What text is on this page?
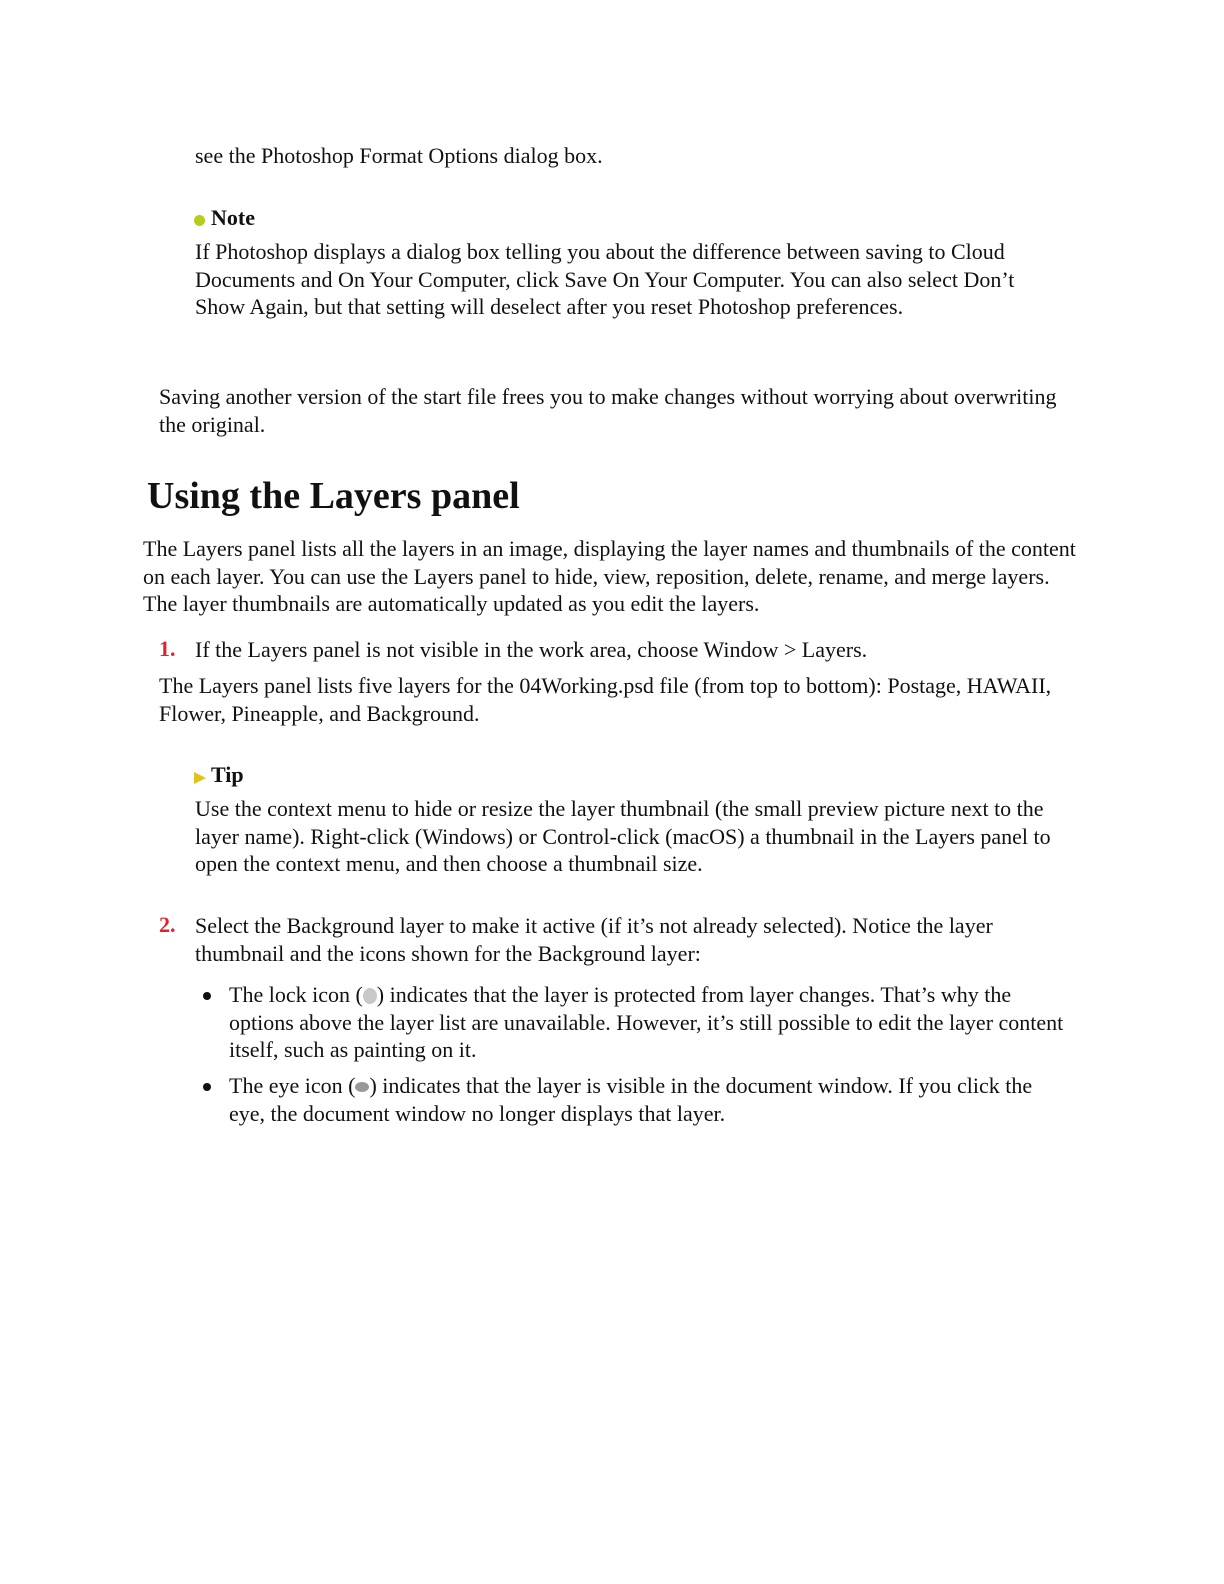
see the Photoshop Format Options dialog box.

Note

If Photoshop displays a dialog box telling you about the difference between saving to Cloud Documents and On Your Computer, click Save On Your Computer. You can also select Don’t Show Again, but that setting will deselect after you reset Photoshop preferences.

Saving another version of the start file frees you to make changes without worrying about overwriting the original.

Using the Layers panel

The Layers panel lists all the layers in an image, displaying the layer names and thumbnails of the content on each layer. You can use the Layers panel to hide, view, reposition, delete, rename, and merge layers. The layer thumbnails are automatically updated as you edit the layers.

1. If the Layers panel is not visible in the work area, choose Window > Layers.

The Layers panel lists five layers for the 04Working.psd file (from top to bottom): Postage, HAWAII, Flower, Pineapple, and Background.

Tip

Use the context menu to hide or resize the layer thumbnail (the small preview picture next to the layer name). Right-click (Windows) or Control-click (macOS) a thumbnail in the Layers panel to open the context menu, and then choose a thumbnail size.

2. Select the Background layer to make it active (if it’s not already selected). Notice the layer thumbnail and the icons shown for the Background layer:

The lock icon ( ) indicates that the layer is protected from layer changes. That’s why the options above the layer list are unavailable. However, it’s still possible to edit the layer content itself, such as painting on it.

The eye icon ( ) indicates that the layer is visible in the document window. If you click the eye, the document window no longer displays that layer.
